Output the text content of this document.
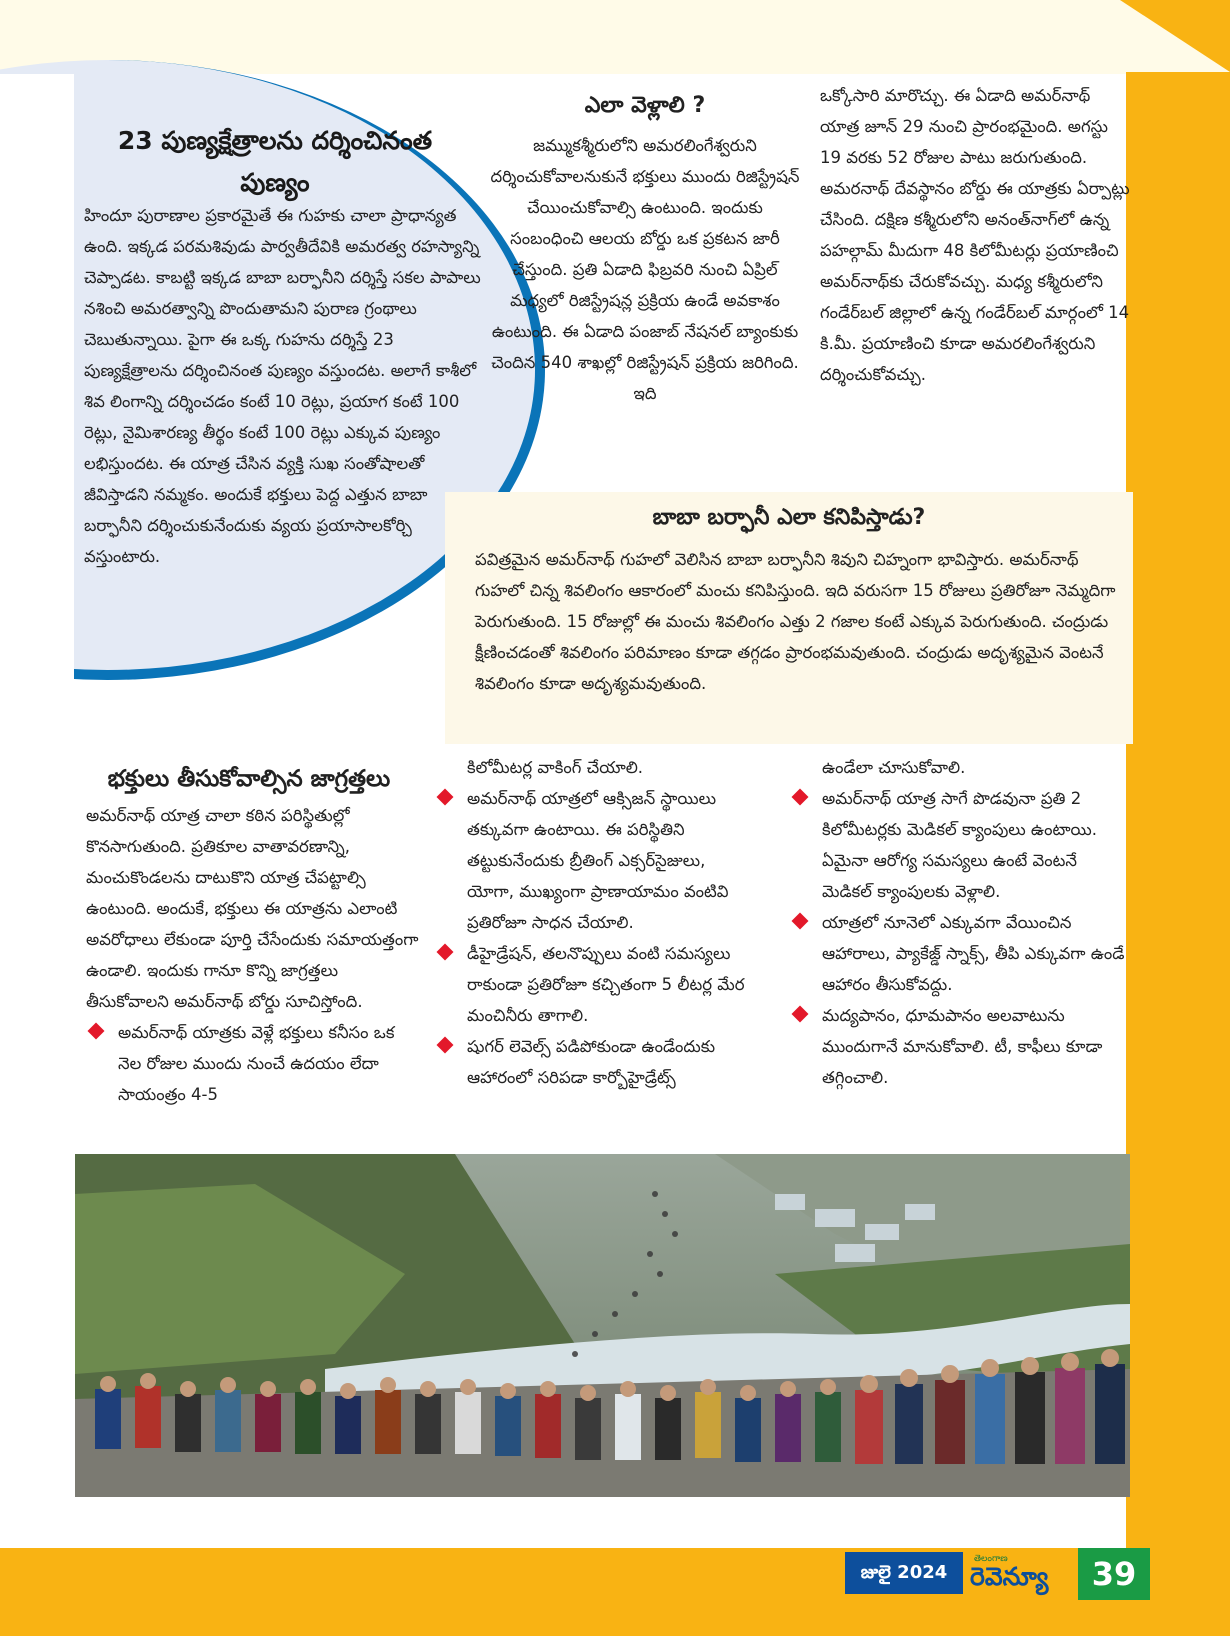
23 పుణ్యక్షేత్రాలను దర్శించినంత పుణ్యం

హిందూ పురాణాల ప్రకారమైతే ఈ గుహకు చాలా ప్రాధాన్యత ఉంది. ఇక్కడ పరమశివుడు పార్వతీదేవికి అమరత్వ రహస్యాన్ని చెప్పాడట. కాబట్టి ఇక్కడ బాబా బర్ఫానీని దర్శిస్తే సకల పాపాలు నశించి అమరత్వాన్ని పొందుతామని పురాణ గ్రంథాలు చెబుతున్నాయి. పైగా ఈ ఒక్క గుహను దర్శిస్తే 23 పుణ్యక్షేత్రాలను దర్శించినంత పుణ్యం వస్తుందట. అలాగే కాశీలో శివ లింగాన్ని దర్శించడం కంటే 10 రెట్లు, ప్రయాగ కంటే 100 రెట్లు, నైమిశారణ్య తీర్థం కంటే 100 రెట్లు ఎక్కువ పుణ్యం లభిస్తుందట. ఈ యాత్ర చేసిన వ్యక్తి సుఖ సంతోషాలతో జీవిస్తాడని నమ్మకం. అందుకే భక్తులు పెద్ద ఎత్తున బాబా బర్ఫానీని దర్శించుకునేందుకు వ్యయ ప్రయాసాలకోర్చి వస్తుంటారు.

ఎలా వెళ్లాలి ?

జమ్ముకశ్మీరులోని అమరలింగేశ్వరుని దర్శించుకోవాలనుకునే భక్తులు ముందు రిజిస్ట్రేషన్ చేయించుకోవాల్సి ఉంటుంది. ఇందుకు సంబంధించి ఆలయ బోర్డు ఒక ప్రకటన జారీ చేస్తుంది. ప్రతి ఏడాది ఫిబ్రవరి నుంచి ఏప్రిల్ మధ్యలో రిజిస్ట్రేషన్ల ప్రక్రియ ఉండే అవకాశం ఉంటుంది. ఈ ఏడాది పంజాబ్ నేషనల్ బ్యాంకుకు చెందిన 540 శాఖల్లో రిజిస్ట్రేషన్ ప్రక్రియ జరిగింది. ఇది

ఒక్కోసారి మారొచ్చు. ఈ ఏడాది అమర్‌నాథ్ యాత్ర జూన్ 29 నుంచి ప్రారంభమైంది. అగస్టు 19 వరకు 52 రోజుల పాటు జరుగుతుంది. అమరనాథ్ దేవస్థానం బోర్డు ఈ యాత్రకు ఏర్పాట్లు చేసింది. దక్షిణ కశ్మీరులోని అనంత్‌నాగ్‌లో ఉన్న పహల్గామ్ మీదుగా 48 కిలోమీటర్లు ప్రయాణించి అమర్‌నాథ్‌కు చేరుకోవచ్చు. మధ్య కశ్మీరులోని గండేర్‌బల్ జిల్లాలో ఉన్న గండేర్‌బల్ మార్గంలో 14 కి.మీ. ప్రయాణించి కూడా అమరలింగేశ్వరుని దర్శించుకోవచ్చు.

బాబా బర్ఫానీ ఎలా కనిపిస్తాడు?

పవిత్రమైన అమర్‌నాథ్ గుహలో వెలిసిన బాబా బర్ఫానీని శివుని చిహ్నంగా భావిస్తారు. అమర్‌నాథ్ గుహలో చిన్న శివలింగం ఆకారంలో మంచు కనిపిస్తుంది. ఇది వరుసగా 15 రోజులు ప్రతిరోజూ నెమ్మదిగా పెరుగుతుంది. 15 రోజుల్లో ఈ మంచు శివలింగం ఎత్తు 2 గజాల కంటే ఎక్కువ పెరుగుతుంది. చంద్రుడు క్షీణించడంతో శివలింగం పరిమాణం కూడా తగ్గడం ప్రారంభమవుతుంది. చంద్రుడు అదృశ్యమైన వెంటనే శివలింగం కూడా అదృశ్యమవుతుంది.

భక్తులు తీసుకోవాల్సిన జాగ్రత్తలు

అమర్‌నాథ్ యాత్ర చాలా కఠిన పరిస్థితుల్లో కొనసాగుతుంది. ప్రతికూల వాతావరణాన్ని, మంచుకొండలను దాటుకొని యాత్ర చేపట్టాల్సి ఉంటుంది. అందుకే, భక్తులు ఈ యాత్రను ఎలాంటి అవరోధాలు లేకుండా పూర్తి చేసేందుకు సమాయత్తంగా ఉండాలి. ఇందుకు గానూ కొన్ని జాగ్రత్తలు తీసుకోవాలని అమర్‌నాథ్ బోర్డు సూచిస్తోంది.

అమర్‌నాథ్ యాత్రకు వెళ్లే భక్తులు కనీసం ఒక నెల రోజుల ముందు నుంచే ఉదయం లేదా సాయంత్రం 4-5

కిలోమీటర్ల వాకింగ్ చేయాలి.

అమర్‌నాథ్ యాత్రలో ఆక్సిజన్ స్థాయిలు తక్కువగా ఉంటాయి. ఈ పరిస్థితిని తట్టుకునేందుకు బ్రీతింగ్ ఎక్సర్‌సైజులు, యోగా, ముఖ్యంగా ప్రాణాయామం వంటివి ప్రతిరోజూ సాధన చేయాలి.
డీహైడ్రేషన్, తలనొప్పులు వంటి సమస్యలు రాకుండా ప్రతిరోజూ కచ్చితంగా 5 లీటర్ల మేర మంచినీరు తాగాలి.
షుగర్ లెవెల్స్ పడిపోకుండా ఉండేందుకు ఆహారంలో సరిపడా కార్బోహైడ్రేట్స్

ఉండేలా చూసుకోవాలి.

అమర్‌నాథ్ యాత్ర సాగే పొడవునా ప్రతి 2 కిలోమీటర్లకు మెడికల్ క్యాంపులు ఉంటాయి. ఏమైనా ఆరోగ్య సమస్యలు ఉంటే వెంటనే మెడికల్ క్యాంపులకు వెళ్లాలి.
యాత్రలో నూనెలో ఎక్కువగా వేయించిన ఆహారాలు, ప్యాకేజ్డ్ స్నాక్స్, తీపి ఎక్కువగా ఉండే ఆహారం తీసుకోవద్దు.
మద్యపానం, ధూమపానం అలవాటును ముందుగానే మానుకోవాలి. టీ, కాఫీలు కూడా తగ్గించాలి.
జులై 2024
తెలంగాణ
రెవెన్యూ	39
